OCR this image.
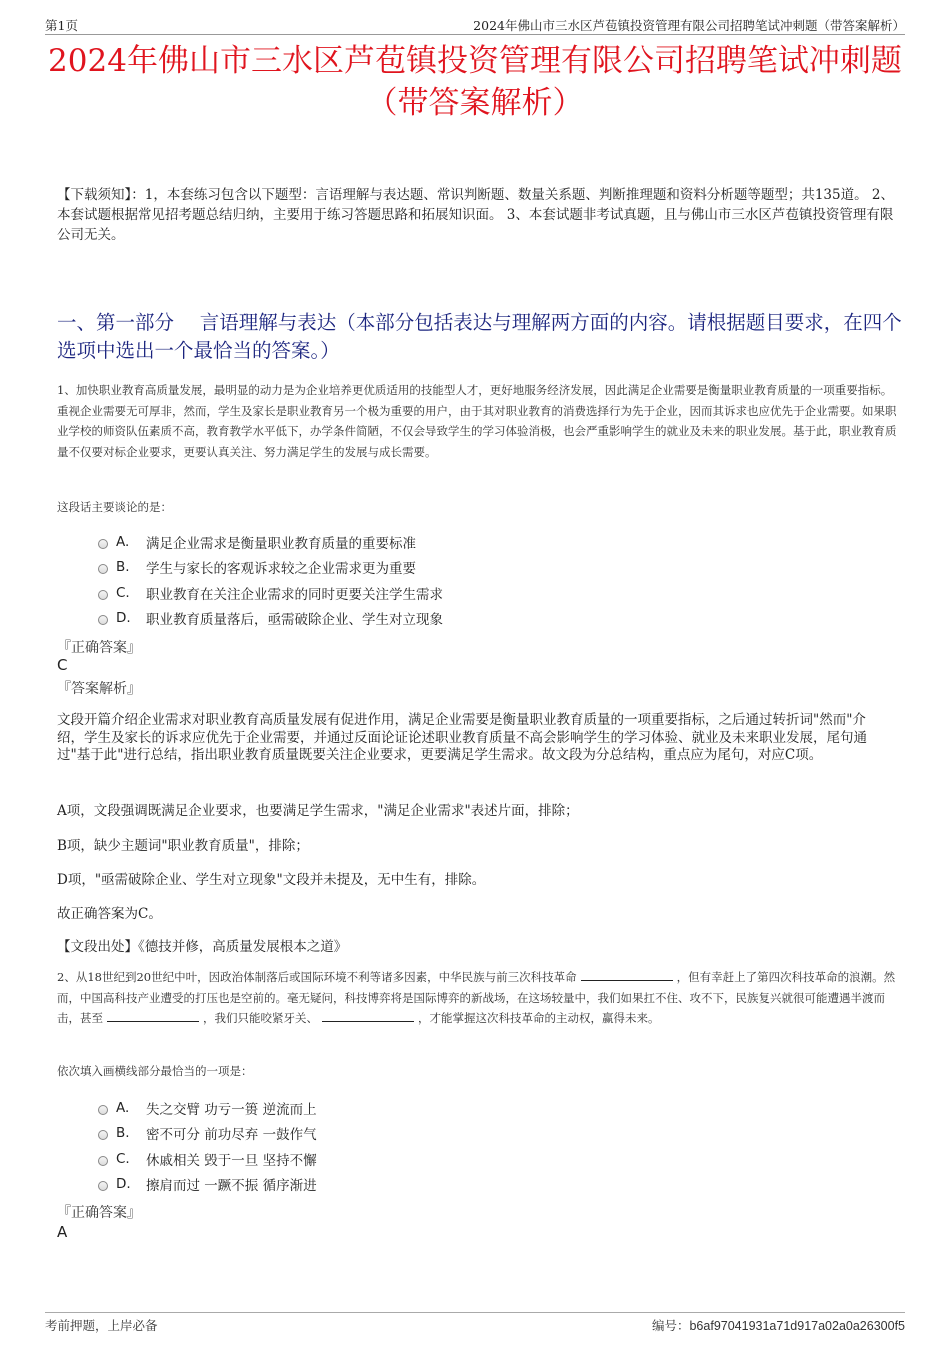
第1页	2024年佛山市三水区芦苞镇投资管理有限公司招聘笔试冲刺题（带答案解析）
2024年佛山市三水区芦苞镇投资管理有限公司招聘笔试冲刺题
（带答案解析）
【下载须知】：1，本套练习包含以下题型：言语理解与表达题、常识判断题、数量关系题、判断推理题和资料分析题等题型；共135道。 2、本套试题根据常见招考题总结归纳，主要用于练习答题思路和拓展知识面。 3、本套试题非考试真题，且与佛山市三水区芦苞镇投资管理有限公司无关。
一、第一部分　 言语理解与表达（本部分包括表达与理解两方面的内容。请根据题目要求，在四个选项中选出一个最恰当的答案。）
1、加快职业教育高质量发展，最明显的动力是为企业培养更优质适用的技能型人才，更好地服务经济发展，因此满足企业需要是衡量职业教育质量的一项重要指标。重视企业需要无可厚非，然而，学生及家长是职业教育另一个极为重要的用户，由于其对职业教育的消费选择行为先于企业，因而其诉求也应优先于企业需要。如果职业学校的师资队伍素质不高，教育教学水平低下，办学条件简陋，不仅会导致学生的学习体验消极，也会严重影响学生的就业及未来的职业发展。基于此，职业教育质量不仅要对标企业要求，更要认真关注、努力满足学生的发展与成长需要。
这段话主要谈论的是：
A.	满足企业需求是衡量职业教育质量的重要标准
B.	学生与家长的客观诉求较之企业需求更为重要
C.	职业教育在关注企业需求的同时更要关注学生需求
D.	职业教育质量落后，亟需破除企业、学生对立现象
『正确答案』
C
『答案解析』
文段开篇介绍企业需求对职业教育高质量发展有促进作用，满足企业需要是衡量职业教育质量的一项重要指标，之后通过转折词"然而"介绍，学生及家长的诉求应优先于企业需要，并通过反面论证论述职业教育质量不高会影响学生的学习体验、就业及未来职业发展，尾句通过"基于此"进行总结，指出职业教育质量既要关注企业要求，更要满足学生需求。故文段为分总结构，重点应为尾句，对应C项。
A项，文段强调既满足企业要求，也要满足学生需求，"满足企业需求"表述片面，排除；
B项，缺少主题词"职业教育质量"，排除；
D项，"亟需破除企业、学生对立现象"文段并未提及，无中生有，排除。
故正确答案为C。
【文段出处】《德技并修，高质量发展根本之道》
2、从18世纪到20世纪中叶，因政治体制落后或国际环境不利等诸多因素，中华民族与前三次科技革命	，但有幸赶上了第四次科技革命的浪潮。然而，中国高科技产业遭受的打压也是空前的。毫无疑问，科技博弈将是国际博弈的新战场，在这场较量中，我们如果扛不住、攻不下，民族复兴就很可能遭遇半渡而击，甚至	，我们只能咬紧牙关、	，才能掌握这次科技革命的主动权，赢得未来。
依次填入画横线部分最恰当的一项是：
A.	失之交臂 功亏一篑 逆流而上
B.	密不可分 前功尽弃 一鼓作气
C.	休戚相关 毁于一旦 坚持不懈
D.	擦肩而过 一蹶不振 循序渐进
『正确答案』
A
考前押题，上岸必备	编号：b6af97041931a71d917a02a0a26300f5
